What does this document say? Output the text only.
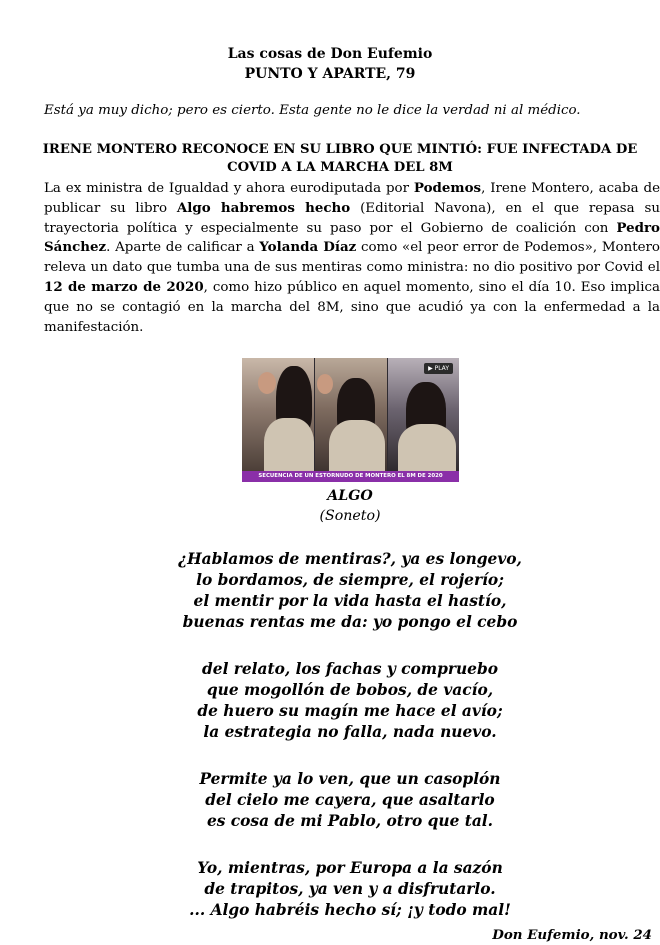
Las cosas de Don Eufemio
PUNTO Y APARTE, 79
Está ya muy dicho; pero es cierto. Esta gente no le dice la verdad ni al médico.
IRENE MONTERO RECONOCE EN SU LIBRO QUE MINTIÓ: FUE INFECTADA DE COVID A LA MARCHA DEL 8M
La ex ministra de Igualdad y ahora eurodiputada por Podemos, Irene Montero, acaba de publicar su libro Algo habremos hecho (Editorial Navona), en el que repasa su trayectoria política y especialmente su paso por el Gobierno de coalición con Pedro Sánchez. Aparte de calificar a Yolanda Díaz como «el peor error de Podemos», Montero releva un dato que tumba una de sus mentiras como ministra: no dio positivo por Covid el 12 de marzo de 2020, como hizo público en aquel momento, sino el día 10. Eso implica que no se contagió en la marcha del 8M, sino que acudió ya con la enfermedad a la manifestación.
▶ PLAY
SECUENCIA DE UN ESTORNUDO DE MONTERO EL 8M DE 2020
ALGO
(Soneto)
¿Hablamos de mentiras?, ya es longevo,
lo bordamos, de siempre, el rojerío;
el mentir por la vida hasta el hastío,
buenas rentas me da: yo pongo el cebo
del relato, los fachas y compruebo
que mogollón de bobos, de vacío,
de huero su magín me hace el avío;
la estrategia no falla, nada nuevo.
Permite ya lo ven, que un casoplón
del cielo me cayera, que asaltarlo
es cosa de mi Pablo, otro que tal.
Yo, mientras, por Europa a la sazón
de trapitos, ya ven y a disfrutarlo.
... Algo habréis hecho sí; ¡y todo mal!
Don Eufemio, nov. 24
